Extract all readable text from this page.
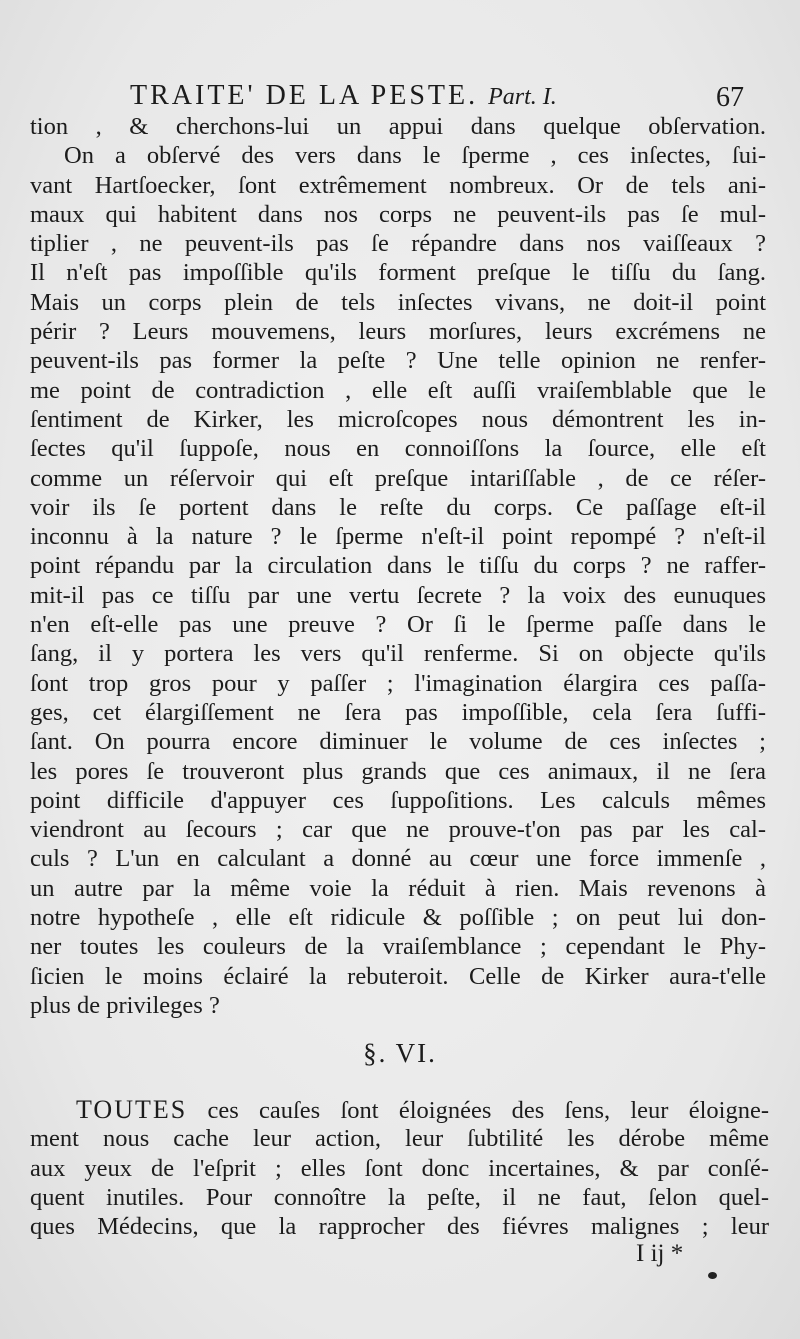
TRAITE' DE LA PESTE. Part. I.	67
tion , & cherchons-lui un appui dans quelque obſervation.
On a obſervé des vers dans le ſperme , ces inſectes, ſui-
vant Hartſoecker, ſont extrêmement nombreux. Or de tels ani-
maux qui habitent dans nos corps ne peuvent-ils pas ſe mul-
tiplier , ne peuvent-ils pas ſe répandre dans nos vaiſſeaux ?
Il n'eſt pas impoſſible qu'ils forment preſque le tiſſu du ſang.
Mais un corps plein de tels inſectes vivans, ne doit-il point
périr ? Leurs mouvemens, leurs morſures, leurs excrémens ne
peuvent-ils pas former la peſte ? Une telle opinion ne renfer-
me point de contradiction , elle eſt auſſi vraiſemblable que le
ſentiment de Kirker, les microſcopes nous démontrent les in-
ſectes qu'il ſuppoſe, nous en connoiſſons la ſource, elle eſt
comme un réſervoir qui eſt preſque intariſſable , de ce réſer-
voir ils ſe portent dans le reſte du corps. Ce paſſage eſt-il
inconnu à la nature ? le ſperme n'eſt-il point repompé ? n'eſt-il
point répandu par la circulation dans le tiſſu du corps ? ne raffer-
mit-il pas ce tiſſu par une vertu ſecrete ? la voix des eunuques
n'en eſt-elle pas une preuve ? Or ſi le ſperme paſſe dans le
ſang, il y portera les vers qu'il renferme. Si on objecte qu'ils
ſont trop gros pour y paſſer ; l'imagination élargira ces paſſa-
ges, cet élargiſſement ne ſera pas impoſſible, cela ſera ſuffi-
ſant. On pourra encore diminuer le volume de ces inſectes ;
les pores ſe trouveront plus grands que ces animaux, il ne ſera
point difficile d'appuyer ces ſuppoſitions. Les calculs mêmes
viendront au ſecours ; car que ne prouve-t'on pas par les cal-
culs ? L'un en calculant a donné au cœur une force immenſe ,
un autre par la même voie la réduit à rien. Mais revenons à
notre hypotheſe , elle eſt ridicule & poſſible ; on peut lui don-
ner toutes les couleurs de la vraiſemblance ; cependant le Phy-
ſicien le moins éclairé la rebuteroit. Celle de Kirker aura-t'elle
plus de privileges ?
§. VI.
TOUTES ces cauſes ſont éloignées des ſens, leur éloigne-
ment nous cache leur action, leur ſubtilité les dérobe même
aux yeux de l'eſprit ; elles ſont donc incertaines, & par conſé-
quent inutiles. Pour connoître la peſte, il ne faut, ſelon quel-
ques Médecins, que la rapprocher des fiévres malignes ; leur
I ij *
